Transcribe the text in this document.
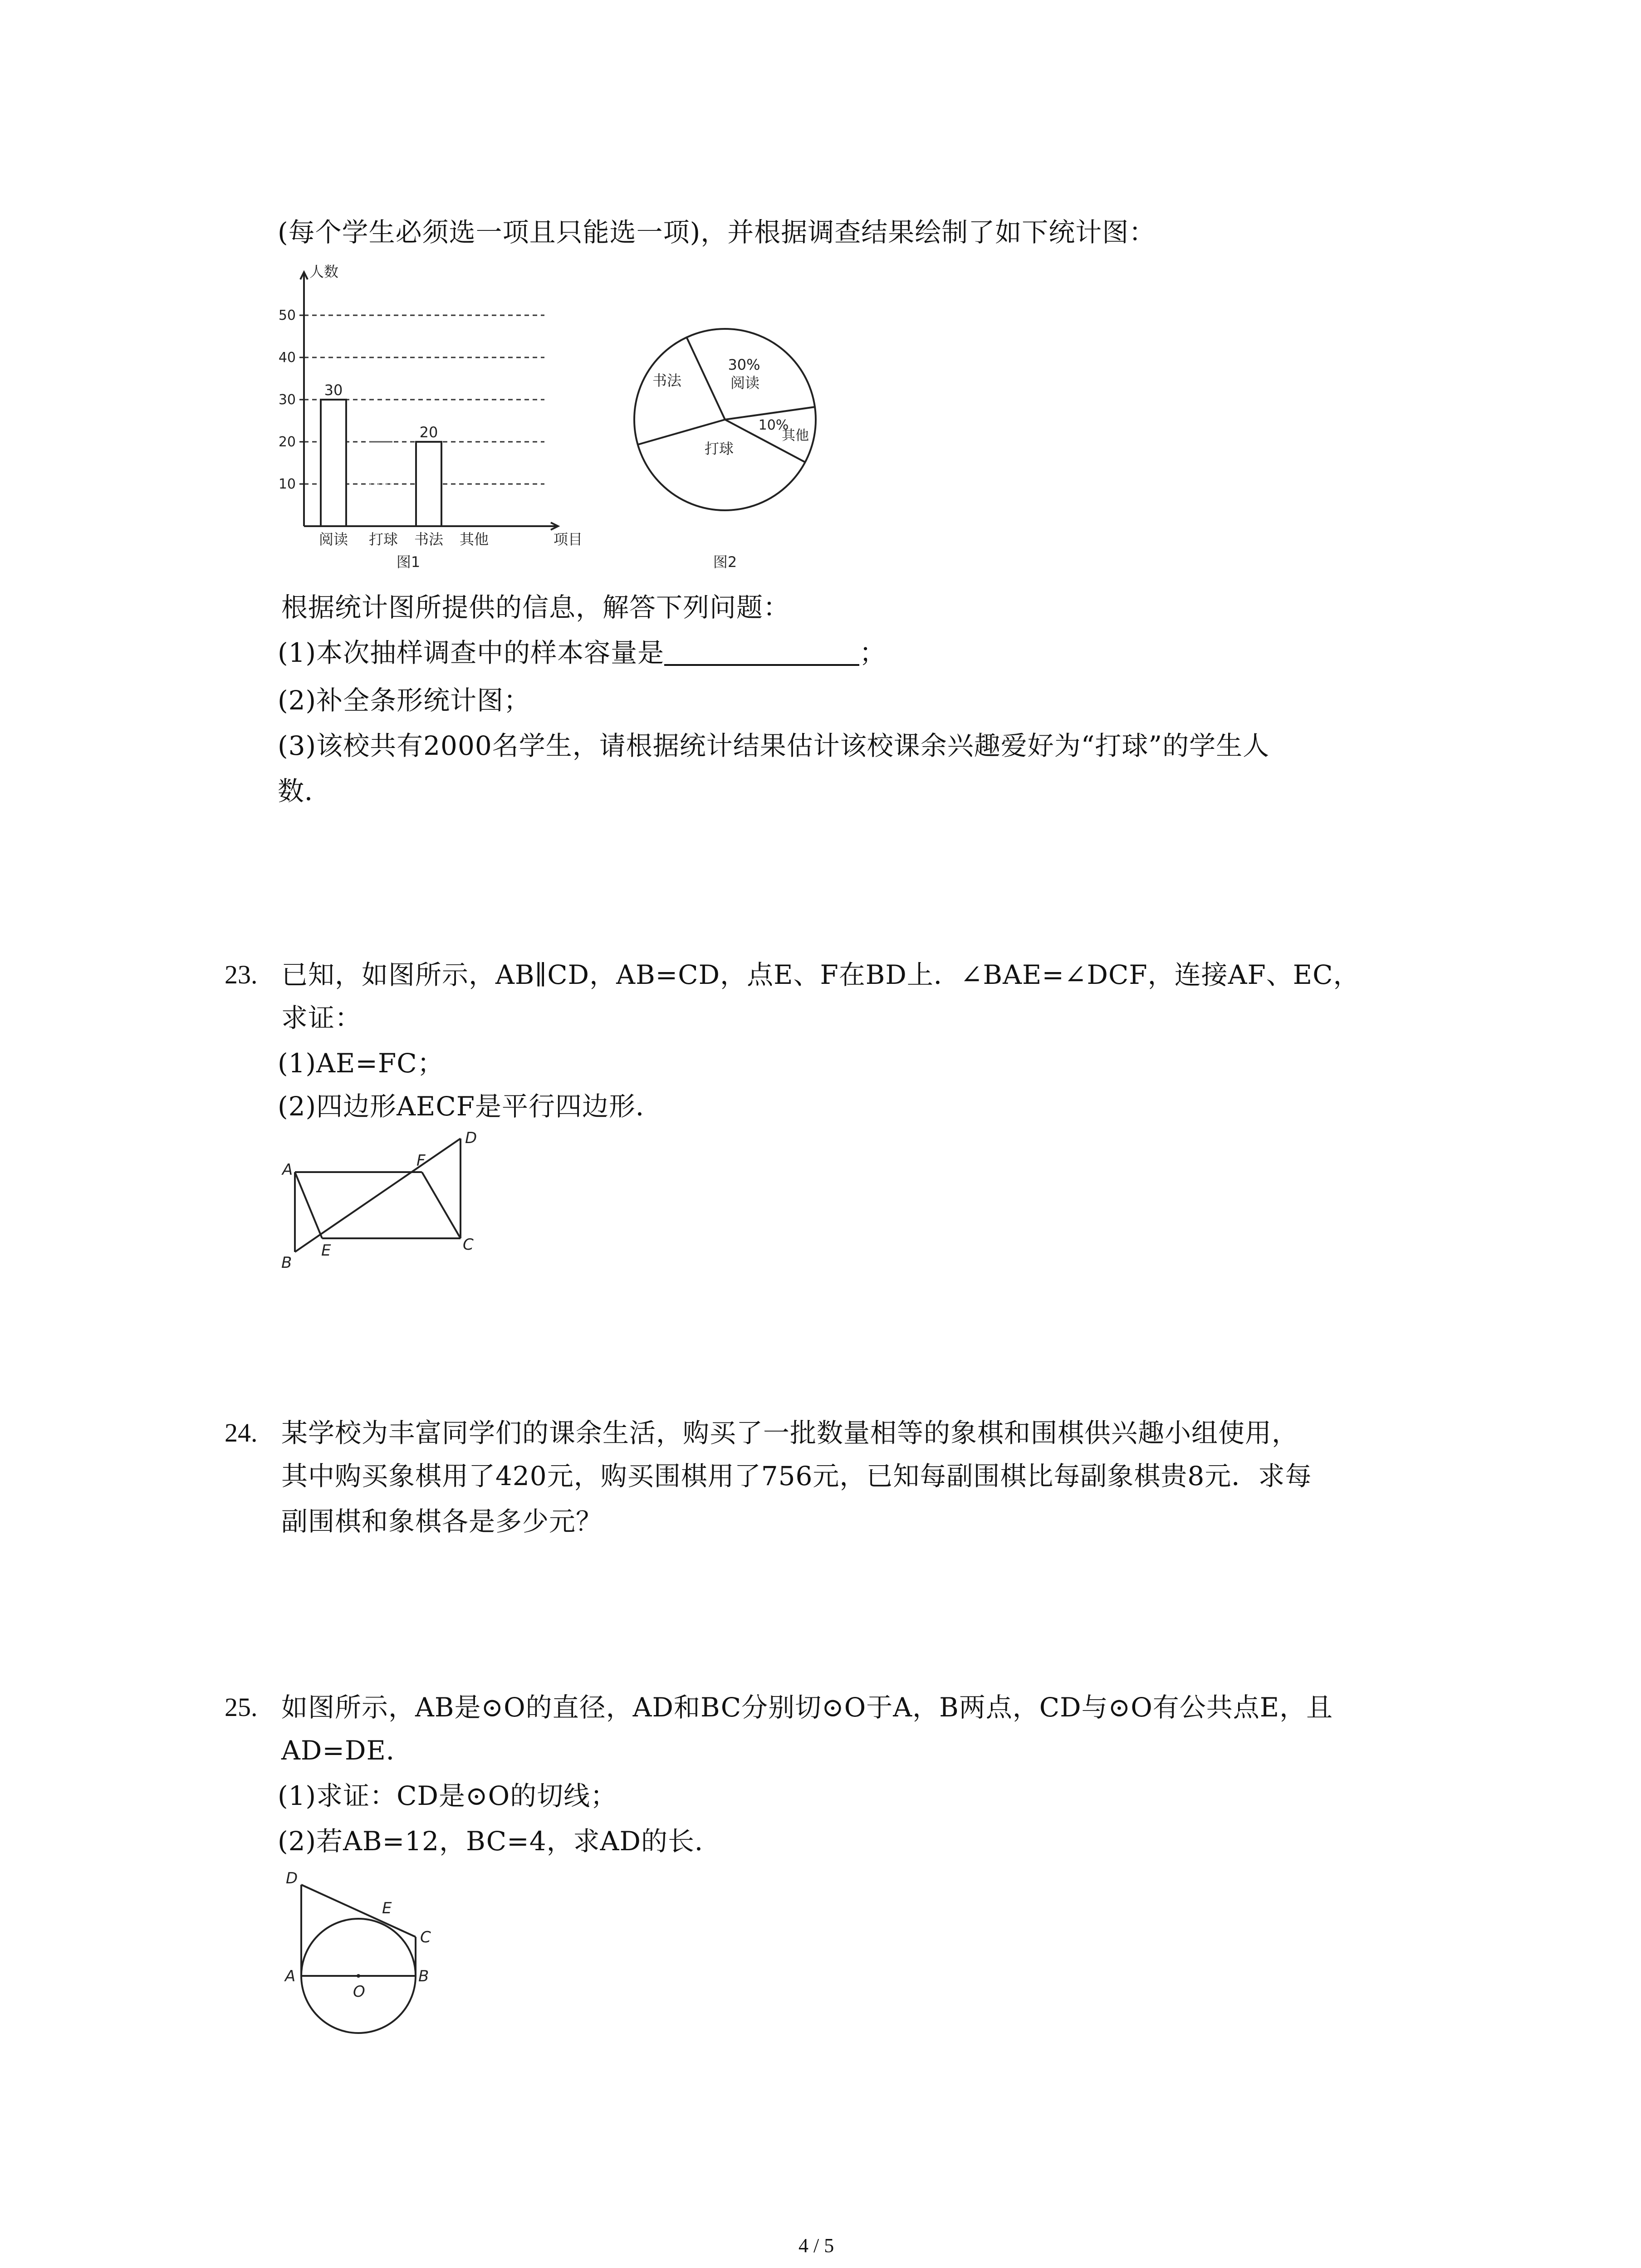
(每个学生必须选一项且只能选一项)，并根据调查结果绘制了如下统计图：
10
20
30
40
50
人数
项目
阅读
30
打球 书法
20
其他
图1
30%
阅读
10%
其他
打球
书法
图2
根据统计图所提供的信息，解答下列问题：
(1)本次抽样调查中的样本容量是	；
(2)补全条形统计图；
(3)该校共有2000名学生，请根据统计结果估计该校课余兴趣爱好为“打球”的学生人
数．
23. 已知，如图所示，AB∥CD，AB=CD，点E、F在BD上．∠BAE=∠DCF，连接AF、EC，
求证：
(1)AE=FC；
(2)四边形AECF是平行四边形．
A
B
E
F
D
C
24. 某学校为丰富同学们的课余生活，购买了一批数量相等的象棋和围棋供兴趣小组使用，
其中购买象棋用了420元，购买围棋用了756元，已知每副围棋比每副象棋贵8元．求每
副围棋和象棋各是多少元？
25. 如图所示，AB是⊙O的直径，AD和BC分别切⊙O于A，B两点，CD与⊙O有公共点E，且
AD=DE．
(1)求证：CD是⊙O的切线；
(2)若AB=12，BC=4，求AD的长．
D
E
C
A
O
B
4 / 5
